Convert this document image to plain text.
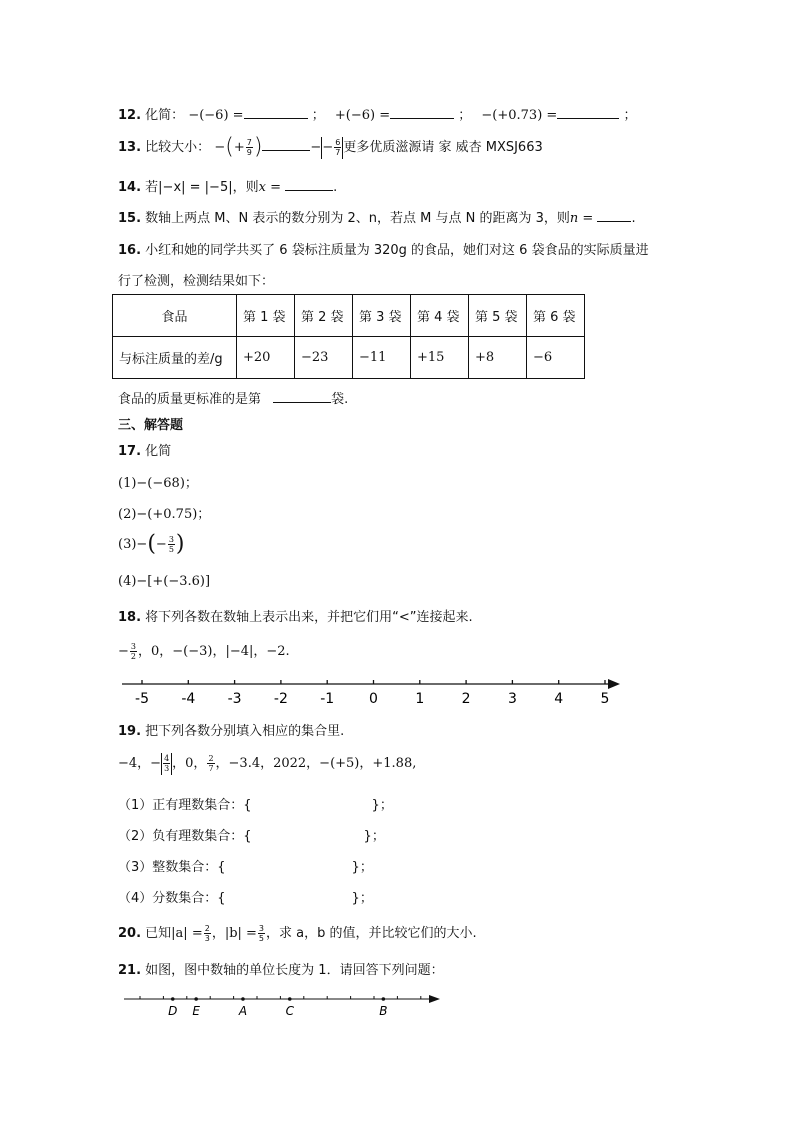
12. 化简： −(−6) =	； +(−6) =	； −(+0.73) =	；
13. 比较大小： −(+ $\frac{7}{9}$ )	−− $\frac{6}{7}$ 更多优质滋源请 家 威杏 MXSJ663
14. 若|−x| = |−5|，则x =	.
15. 数轴上两点 M、N 表示的数分别为 2、n，若点 M 与点 N 的距离为 3，则n =	.
16. 小红和她的同学共买了 6 袋标注质量为 320g 的食品，她们对这 6 袋食品的实际质量进
行了检测，检测结果如下：
食品	第 1 袋	第 2 袋	第 3 袋	第 4 袋	第 5 袋	第 6 袋
与标注质量的差/g	+20	−23	−11	+15	+8	−6
食品的质量更标准的是第	袋.
三、解答题
17. 化简
(1)−(−68)；
(2)−(+0.75)；
$(3)-(- \frac{3}{5}$ )
(4)−[+(−3.6)]
18. 将下列各数在数轴上表示出来，并把它们用“<”连接起来.
− $\frac{3}{2}$ ，0，−(−3)，|−4|，−2.
-5 -4 -3 -2 -1 0	1	2	3	4	5
19. 把下列各数分别填入相应的集合里.
−4，− $\frac{4}{3}$ ，0， $\frac{2}{7}$ ，−3.4，2022，−(+5)，+1.88,
（1）正有理数集合：{	}；
（2）负有理数集合：{	}；
（3）整数集合：{	}；
（4）分数集合：{	}；
20. 已知$|a| = \frac{2}{3}$ ，$|b| = \frac{3}{5}$ ，求 a，b 的值，并比较它们的大小.
21. 如图，图中数轴的单位长度为 1．请回答下列问题：
D E	A	C	B
